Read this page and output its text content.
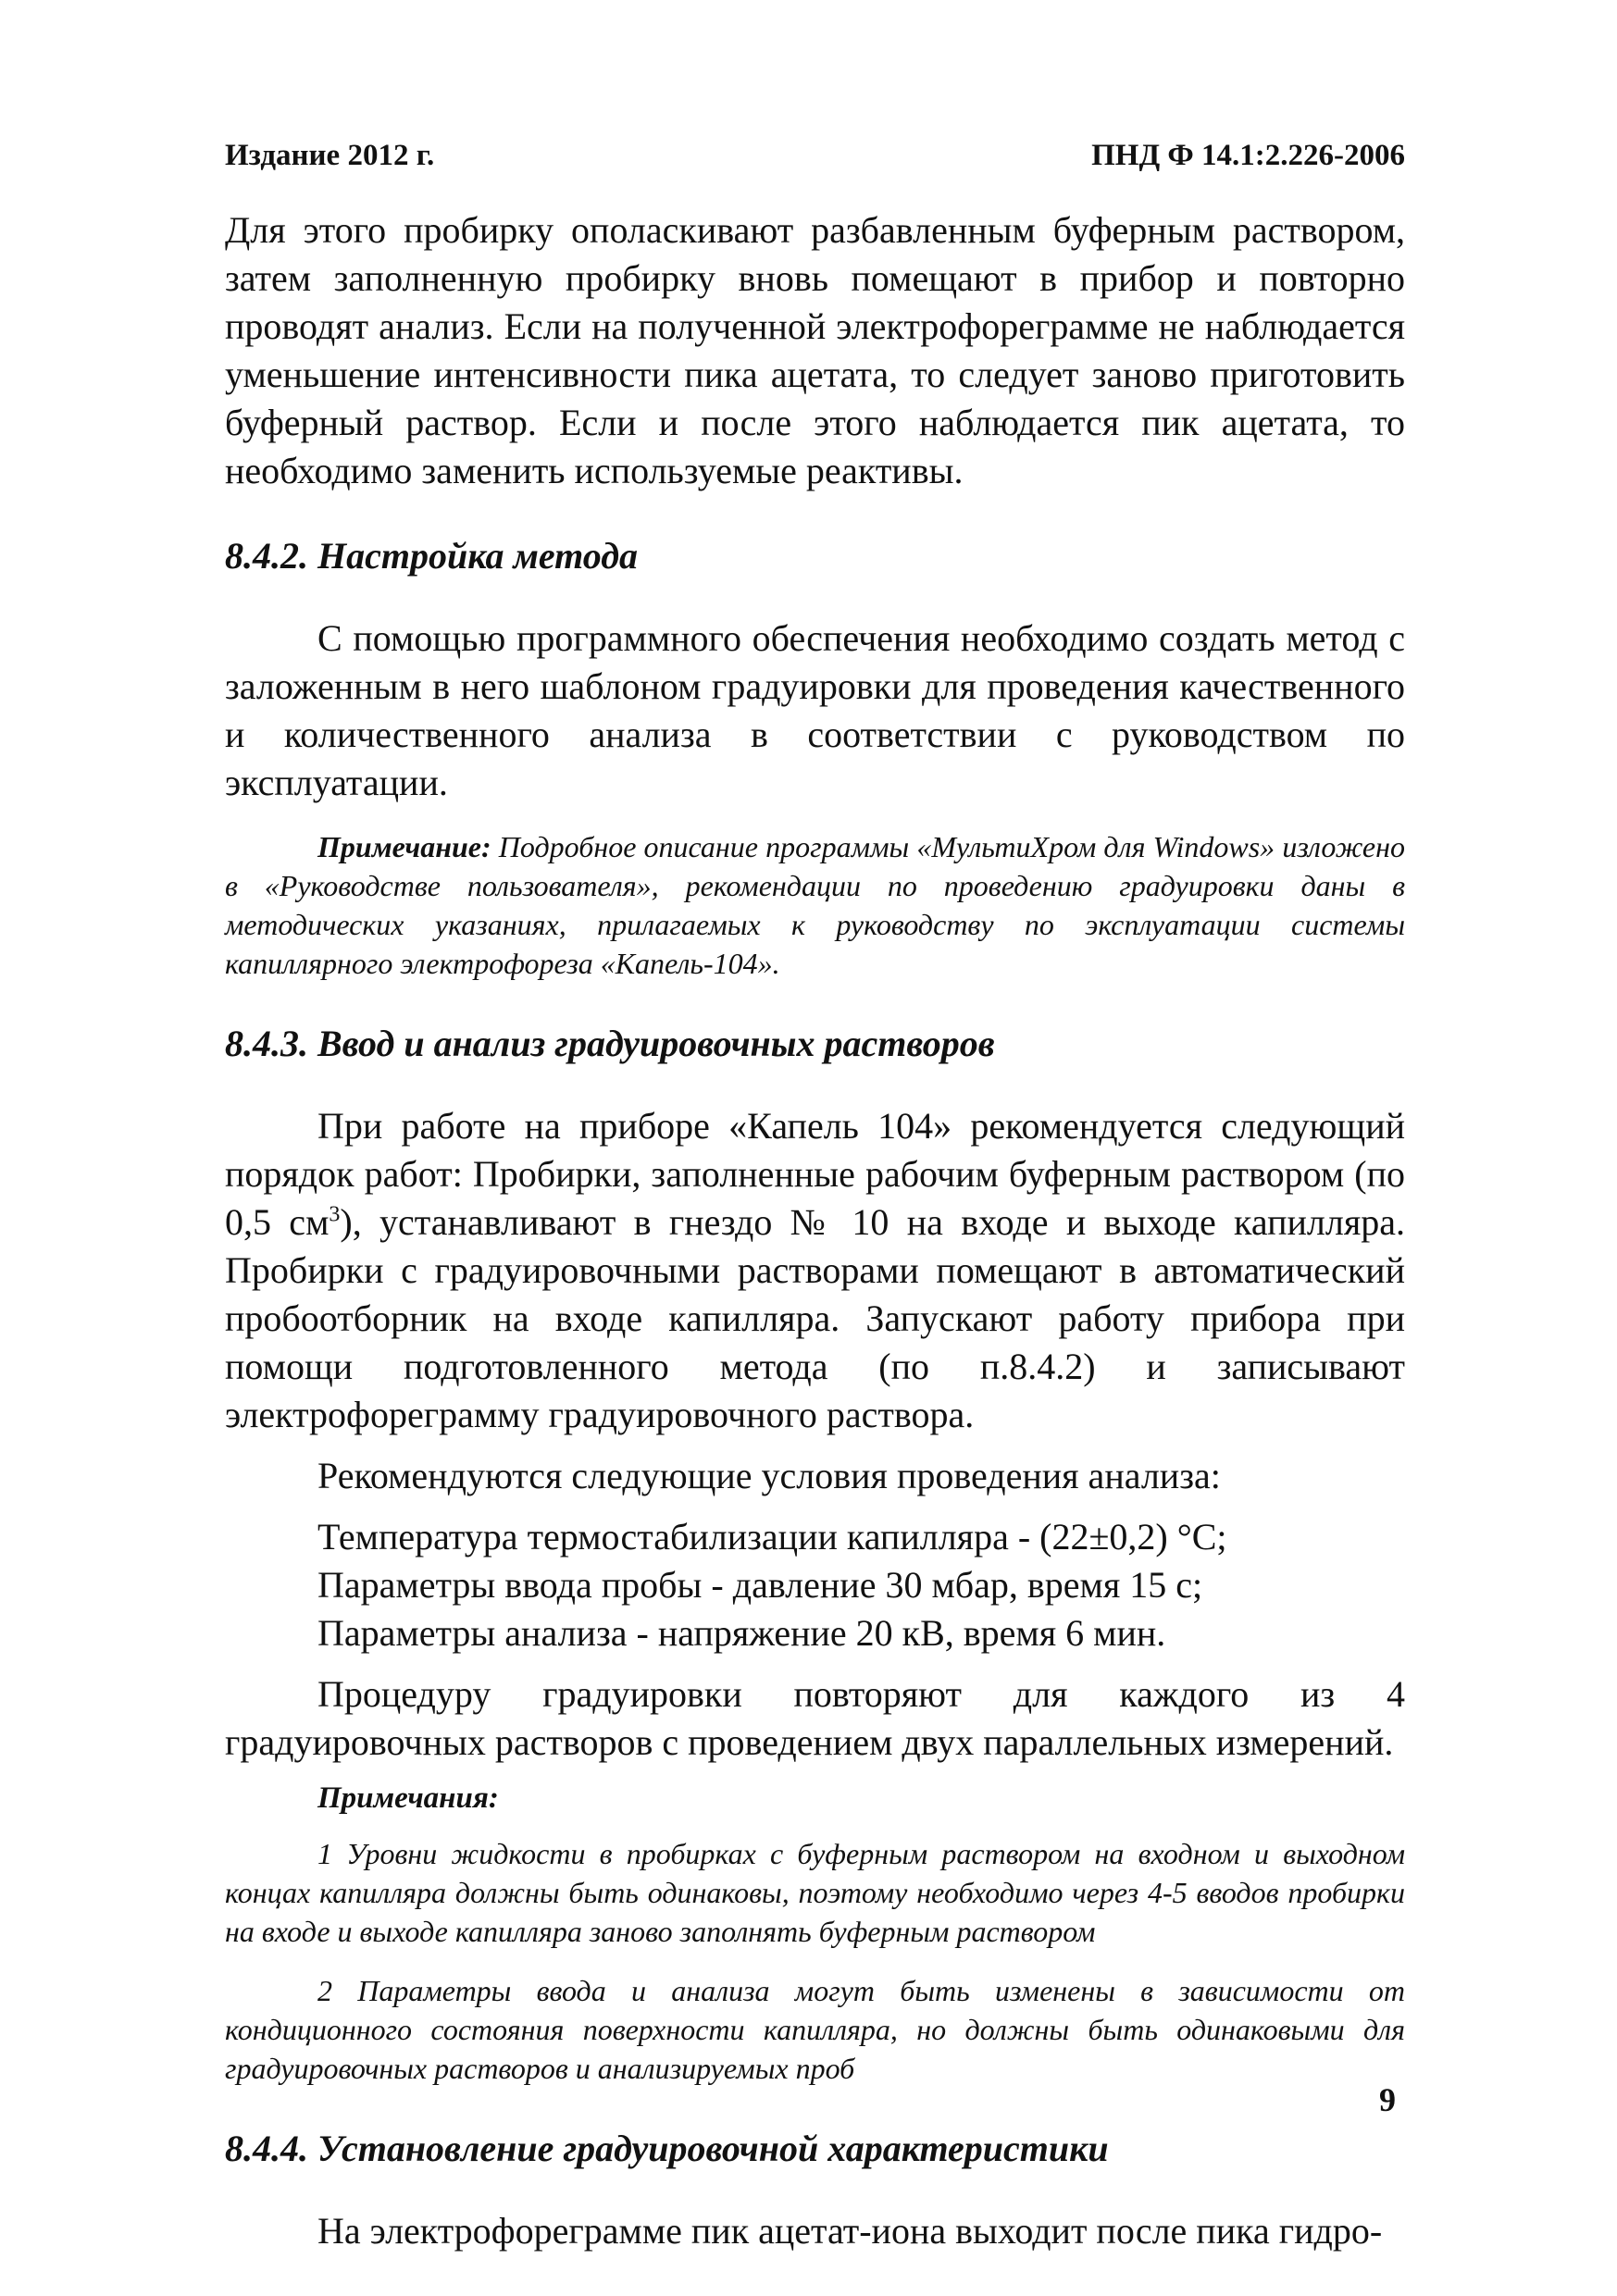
Издание 2012 г.	ПНД Ф 14.1:2.226-2006

Для этого пробирку ополаскивают разбавленным буферным раствором, затем заполненную пробирку вновь помещают в прибор и повторно проводят анализ. Если на полученной электрофореграмме не наблюдается уменьшение интенсивности пика ацетата, то следует заново приготовить буферный раствор. Если и после этого наблюдается пик ацетата, то необходимо заменить используемые реактивы.

8.4.2. Настройка метода

С помощью программного обеспечения необходимо создать метод с заложенным в него шаблоном градуировки для проведения качественного и количественного анализа в соответствии с руководством по эксплуатации.

Примечание: Подробное описание программы «МультиХром для Windows» изложено в «Руководстве пользователя», рекомендации по проведению градуировки даны в методических указаниях, прилагаемых к руководству по эксплуатации системы капиллярного электрофореза «Капель-104».

8.4.3. Ввод и анализ градуировочных растворов

При работе на приборе «Капель 104» рекомендуется следующий порядок работ: Пробирки, заполненные рабочим буферным раствором (по 0,5 $см^3$), устанавливают в гнездо № 10 на входе и выходе капилляра. Пробирки с градуировочными растворами помещают в автоматический пробоотборник на входе капилляра. Запускают работу прибора при помощи подготовленного метода (по п.8.4.2) и записывают электрофореграмму градуировочного раствора.

Рекомендуются следующие условия проведения анализа:
Температура термостабилизации капилляра - (22±0,2) °С;
Параметры ввода пробы - давление 30 мбар, время 15 с;
Параметры анализа - напряжение 20 кВ, время 6 мин.

Процедуру градуировки повторяют для каждого из 4 градуировочных растворов с проведением двух параллельных измерений.

Примечания:

1 Уровни жидкости в пробирках с буферным раствором на входном и выходном концах капилляра должны быть одинаковы, поэтому необходимо через 4-5 вводов пробирки на входе и выходе капилляра заново заполнять буферным раствором

2 Параметры ввода и анализа могут быть изменены в зависимости от кондиционного состояния поверхности капилляра, но должны быть одинаковыми для градуировочных растворов и анализируемых проб

8.4.4. Установление градуировочной характеристики

На электрофореграмме пик ацетат-иона выходит после пика гидро-

9
